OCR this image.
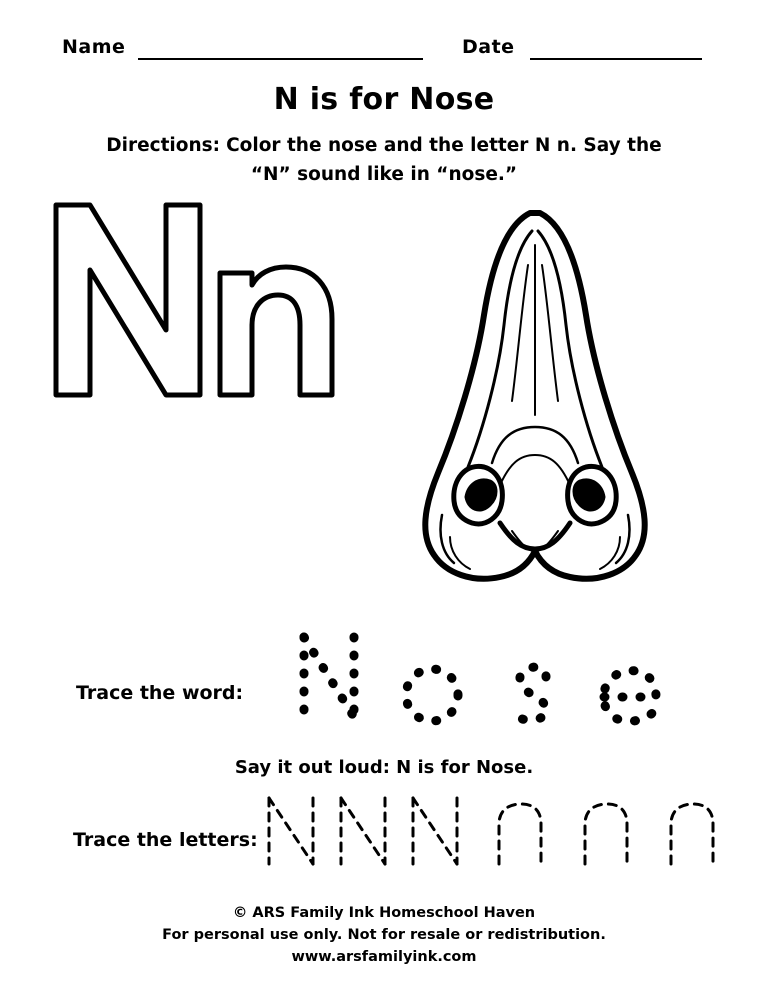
Name	Date
N is for Nose
Directions: Color the nose and the letter N n. Say the “N” sound like in “nose.”
Trace the word:
Say it out loud: N is for Nose.
Trace the letters:
© ARS Family Ink Homeschool Haven
For personal use only. Not for resale or redistribution.
www.arsfamilyink.com
